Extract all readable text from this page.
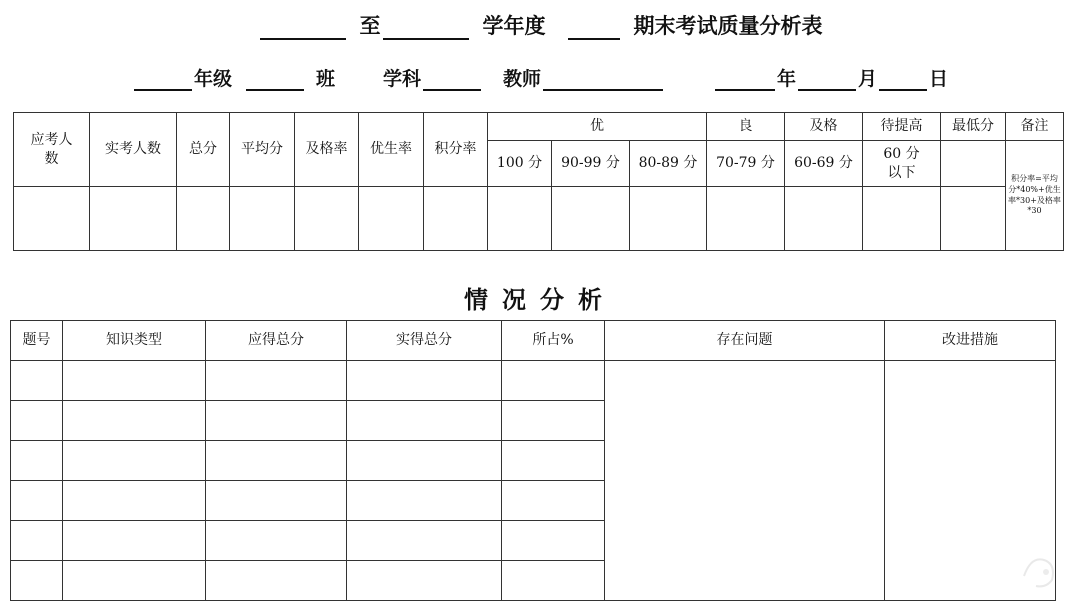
至	学年度	期末考试质量分析表
年级	班	学科	教师	年	月	日
应考人数	实考人数	总分	平均分	及格率	优生率	积分率	优			良	及格	待提高	最低分	备注
							100 分	90-99 分	80-89 分	70-79 分	60-69 分	60 分以下		积分率=平均分*40%+优生率*30+及格率*30

情况分析
题号	知识类型	应得总分	实得总分	所占%	存在问题	改进措施
